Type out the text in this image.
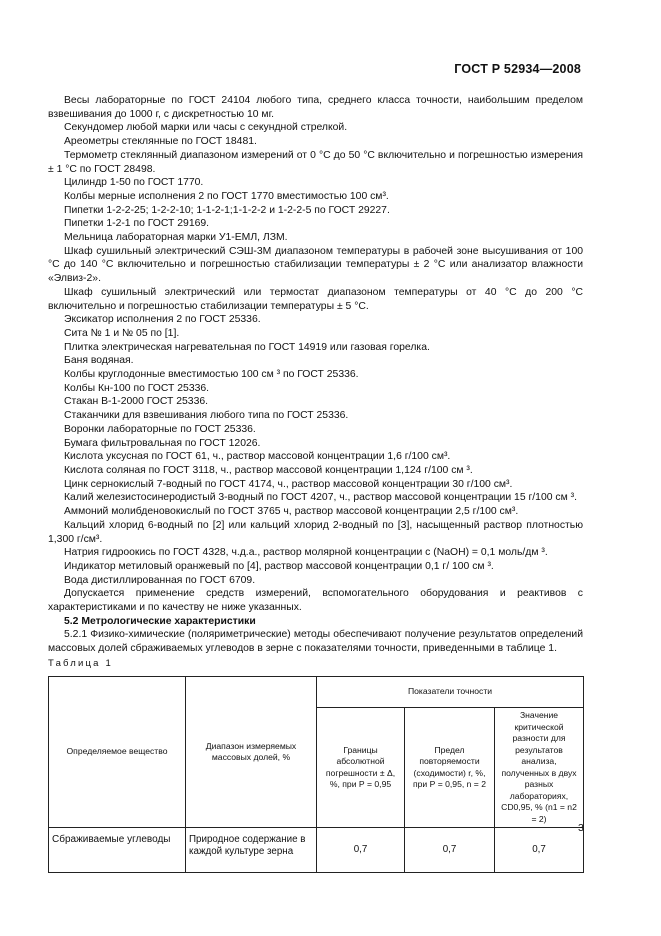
ГОСТ Р 52934—2008

Весы лабораторные по ГОСТ 24104 любого типа, среднего класса точности, наибольшим пределом взвешивания до 1000 г, с дискретностью 10 мг.

Секундомер любой марки или часы с секундной стрелкой.

Ареометры стеклянные по ГОСТ 18481.

Термометр стеклянный диапазоном измерений от 0 °С до 50 °С включительно и погрешностью измерения ± 1 °С по ГОСТ 28498.

Цилиндр 1-50 по ГОСТ 1770.

Колбы мерные исполнения 2 по ГОСТ 1770 вместимостью 100 см³.

Пипетки 1-2-2-25; 1-2-2-10; 1-1-2-1;1-1-2-2 и 1-2-2-5 по ГОСТ 29227.

Пипетки 1-2-1 по ГОСТ 29169.

Мельница лабораторная марки У1-ЕМЛ, ЛЗМ.

Шкаф сушильный электрический СЭШ-3М диапазоном температуры в рабочей зоне высушивания от 100 °С до 140 °С включительно и погрешностью стабилизации температуры ± 2 °С или анализатор влажности «Элвиз-2».

Шкаф сушильный электрический или термостат диапазоном температуры от 40 °С до 200 °С включительно и погрешностью стабилизации температуры ± 5 °С.

Эксикатор исполнения 2 по ГОСТ 25336.

Сита № 1 и № 05 по [1].

Плитка электрическая нагревательная по ГОСТ 14919 или газовая горелка.

Баня водяная.

Колбы круглодонные вместимостью 100 см ³ по ГОСТ 25336.

Колбы Кн-100 по ГОСТ 25336.

Стакан В-1-2000 ГОСТ 25336.

Стаканчики для взвешивания любого типа по ГОСТ 25336.

Воронки лабораторные по ГОСТ 25336.

Бумага фильтровальная по ГОСТ 12026.

Кислота уксусная по ГОСТ 61, ч., раствор массовой концентрации 1,6 г/100 см³.

Кислота соляная по ГОСТ 3118, ч., раствор массовой концентрации 1,124 г/100 см ³.

Цинк сернокислый 7-водный по ГОСТ 4174, ч., раствор массовой концентрации 30 г/100 см³.

Калий железистосинеродистый 3-водный по ГОСТ 4207, ч., раствор массовой концентрации 15 г/100 см ³.

Аммоний молибденовокислый по ГОСТ 3765 ч, раствор массовой концентрации 2,5 г/100 см³.

Кальций хлорид 6-водный по [2] или кальций хлорид 2-водный по [3], насыщенный раствор плотностью 1,300 г/см³.

Натрия гидроокись по ГОСТ 4328, ч.д.а., раствор молярной концентрации c (NaOH) = 0,1 моль/дм ³.

Индикатор метиловый оранжевый по [4], раствор массовой концентрации 0,1 г/ 100 см ³.

Вода дистиллированная по ГОСТ 6709.

Допускается применение средств измерений, вспомогательного оборудования и реактивов с характеристиками и по качеству не ниже указанных.

5.2 Метрологические характеристики

5.2.1 Физико-химические (поляриметрические) методы обеспечивают получение результатов определений массовых долей сбраживаемых углеводов в зерне с показателями точности, приведенными в таблице 1.

Таблица 1
Определяемое вещество	Диапазон измеряемых массовых долей, %	Показатели точности		
		Границы абсолютной погрешности ± Δ, %, при Р = 0,95	Предел повторяемости (сходимости) r, %, при Р = 0,95, n = 2	Значение критической разности для результатов анализа, полученных в двух разных лабораториях, CD0,95, % (n1 = n2 = 2)
Сбраживаемые углеводы	Природное содержание в каждой культуре зерна	0,7	0,7	0,7
3
